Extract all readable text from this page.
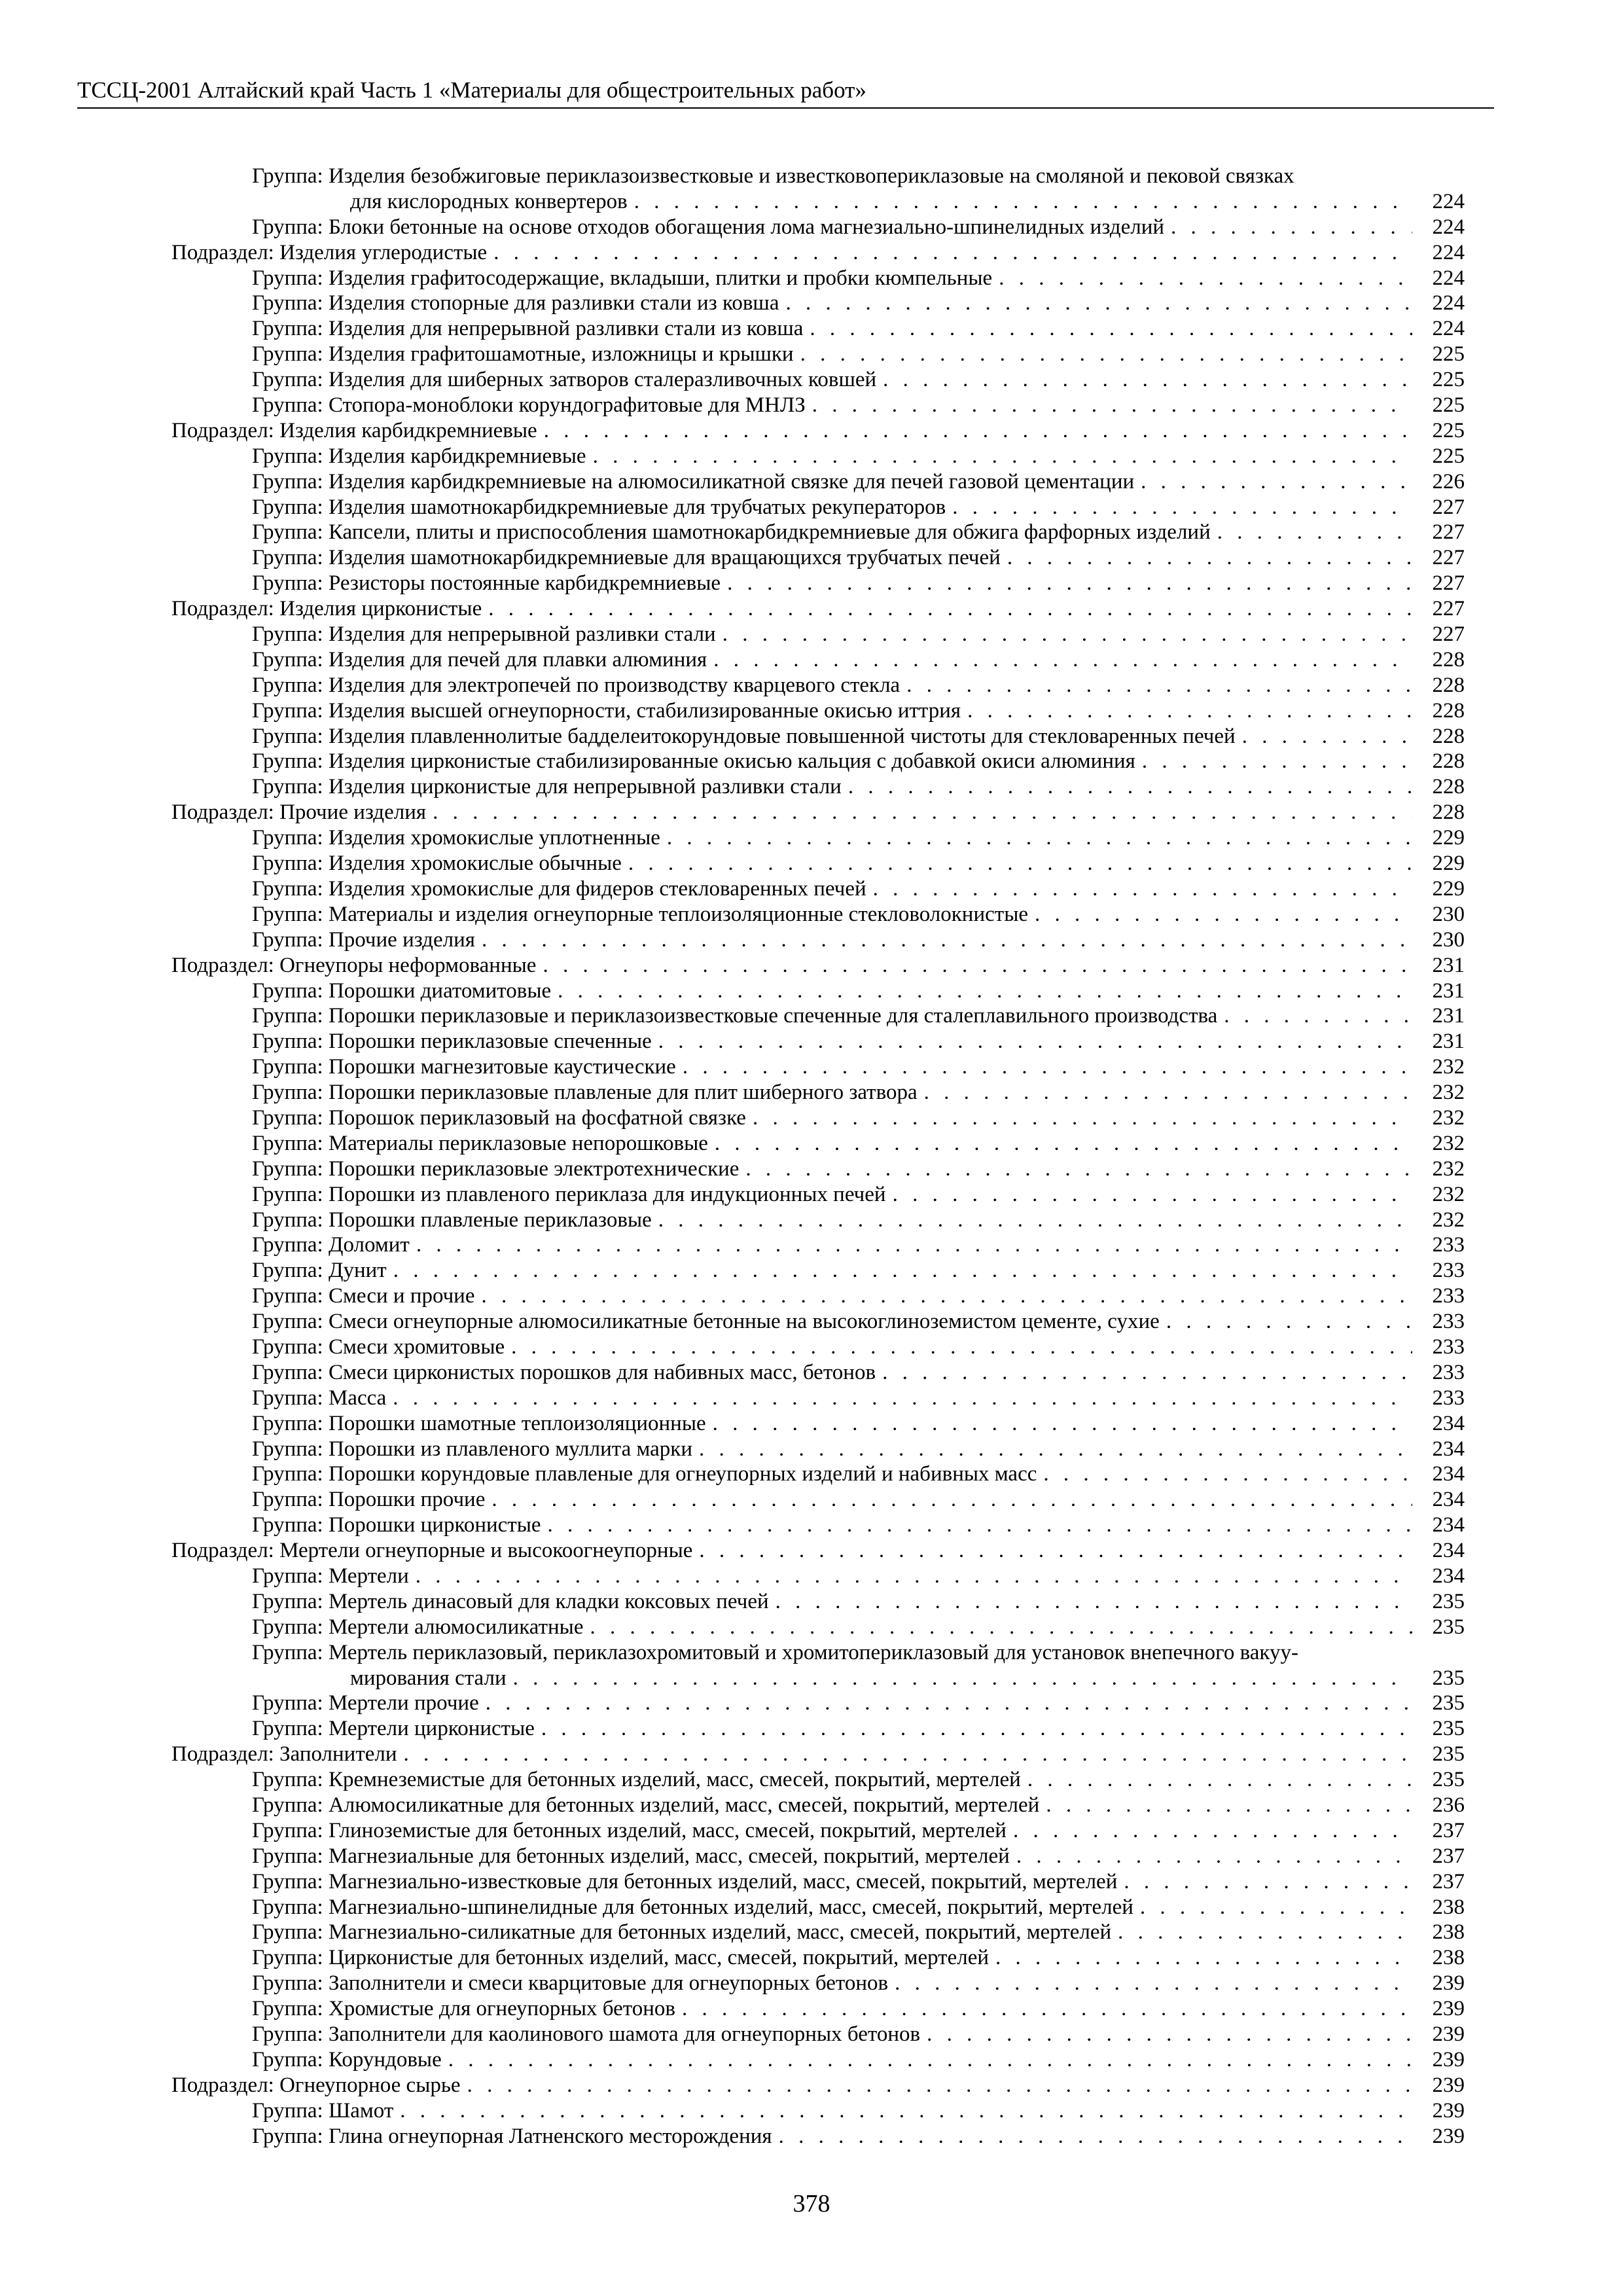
ТССЦ-2001 Алтайский край Часть 1 «Материалы для общестроительных работ»
Группа: Изделия безобжиговые периклазоизвестковые и известковопериклазовые на смоляной и пековой связках
для кислородных конвертеров . . .	224
Группа: Блоки бетонные на основе отходов обогащения лома магнезиально-шпинелидных изделий . . .	224
Подраздел: Изделия углеродистые . . .	224
Группа: Изделия графитосодержащие, вкладыши, плитки и пробки кюмпельные . . .	224
Группа: Изделия стопорные для разливки стали из ковша . . .	224
Группа: Изделия для непрерывной разливки стали из ковша . . .	224
Группа: Изделия графитошамотные, изложницы и крышки . . .	225
Группа: Изделия для шиберных затворов сталеразливочных ковшей . . .	225
Группа: Стопора-моноблоки корундографитовые для МНЛЗ . . .	225
Подраздел: Изделия карбидкремниевые . . .	225
Группа: Изделия карбидкремниевые . . .	225
Группа: Изделия карбидкремниевые на алюмосиликатной связке для печей газовой цементации . . .	226
Группа: Изделия шамотнокарбидкремниевые для трубчатых рекуператоров . . .	227
Группа: Капсели, плиты и приспособления шамотнокарбидкремниевые для обжига фарфорных изделий . . .	227
Группа: Изделия шамотнокарбидкремниевые для вращающихся трубчатых печей . . .	227
Группа: Резисторы постоянные карбидкремниевые . . .	227
Подраздел: Изделия цирконистые . . .	227
Группа: Изделия для непрерывной разливки стали . . .	227
Группа: Изделия для печей для плавки алюминия . . .	228
Группа: Изделия для электропечей по производству кварцевого стекла . . .	228
Группа: Изделия высшей огнеупорности, стабилизированные окисью иттрия . . .	228
Группа: Изделия плавленнолитые бадделеитокорундовые повышенной чистоты для стекловаренных печей . . .	228
Группа: Изделия цирконистые стабилизированные окисью кальция с добавкой окиси алюминия . . .	228
Группа: Изделия цирконистые для непрерывной разливки стали . . .	228
Подраздел: Прочие изделия . . .	228
Группа: Изделия хромокислые уплотненные . . .	229
Группа: Изделия хромокислые обычные . . .	229
Группа: Изделия хромокислые для фидеров стекловаренных печей . . .	229
Группа: Материалы и изделия огнеупорные теплоизоляционные стекловолокнистые . . .	230
Группа: Прочие изделия . . .	230
Подраздел: Огнеупоры неформованные . . .	231
Группа: Порошки диатомитовые . . .	231
Группа: Порошки периклазовые и периклазоизвестковые спеченные для сталеплавильного производства . . .	231
Группа: Порошки периклазовые спеченные . . .	231
Группа: Порошки магнезитовые каустические . . .	232
Группа: Порошки периклазовые плавленые для плит шиберного затвора . . .	232
Группа: Порошок периклазовый на фосфатной связке . . .	232
Группа: Материалы периклазовые непорошковые . . .	232
Группа: Порошки периклазовые электротехнические . . .	232
Группа: Порошки из плавленого периклаза для индукционных печей . . .	232
Группа: Порошки плавленые периклазовые . . .	232
Группа: Доломит . . .	233
Группа: Дунит . . .	233
Группа: Смеси и прочие . . .	233
Группа: Смеси огнеупорные алюмосиликатные бетонные на высокоглиноземистом цементе, сухие . . .	233
Группа: Смеси хромитовые . . .	233
Группа: Смеси цирконистых порошков для набивных масс, бетонов . . .	233
Группа: Масса . . .	233
Группа: Порошки шамотные теплоизоляционные . . .	234
Группа: Порошки из плавленого муллита марки . . .	234
Группа: Порошки корундовые плавленые для огнеупорных изделий и набивных масс . . .	234
Группа: Порошки прочие . . .	234
Группа: Порошки цирконистые . . .	234
Подраздел: Мертели огнеупорные и высокоогнеупорные . . .	234
Группа: Мертели . . .	234
Группа: Мертель динасовый для кладки коксовых печей . . .	235
Группа: Мертели алюмосиликатные . . .	235
Группа: Мертель периклазовый, периклазохромитовый и хромитопериклазовый для установок внепечного вакуу-
мирования стали . . .	235
Группа: Мертели прочие . . .	235
Группа: Мертели цирконистые . . .	235
Подраздел: Заполнители . . .	235
Группа: Кремнеземистые для бетонных изделий, масс, смесей, покрытий, мертелей . . .	235
Группа: Алюмосиликатные для бетонных изделий, масс, смесей, покрытий, мертелей . . .	236
Группа: Глиноземистые для бетонных изделий, масс, смесей, покрытий, мертелей . . .	237
Группа: Магнезиальные для бетонных изделий, масс, смесей, покрытий, мертелей . . .	237
Группа: Магнезиально-известковые для бетонных изделий, масс, смесей, покрытий, мертелей . . .	237
Группа: Магнезиально-шпинелидные для бетонных изделий, масс, смесей, покрытий, мертелей . . .	238
Группа: Магнезиально-силикатные для бетонных изделий, масс, смесей, покрытий, мертелей . . .	238
Группа: Цирконистые для бетонных изделий, масс, смесей, покрытий, мертелей . . .	238
Группа: Заполнители и смеси кварцитовые для огнеупорных бетонов . . .	239
Группа: Хромистые для огнеупорных бетонов . . .	239
Группа: Заполнители для каолинового шамота для огнеупорных бетонов . . .	239
Группа: Корундовые . . .	239
Подраздел: Огнеупорное сырье . . .	239
Группа: Шамот . . .	239
Группа: Глина огнеупорная Латненского месторождения . . .	239
378
